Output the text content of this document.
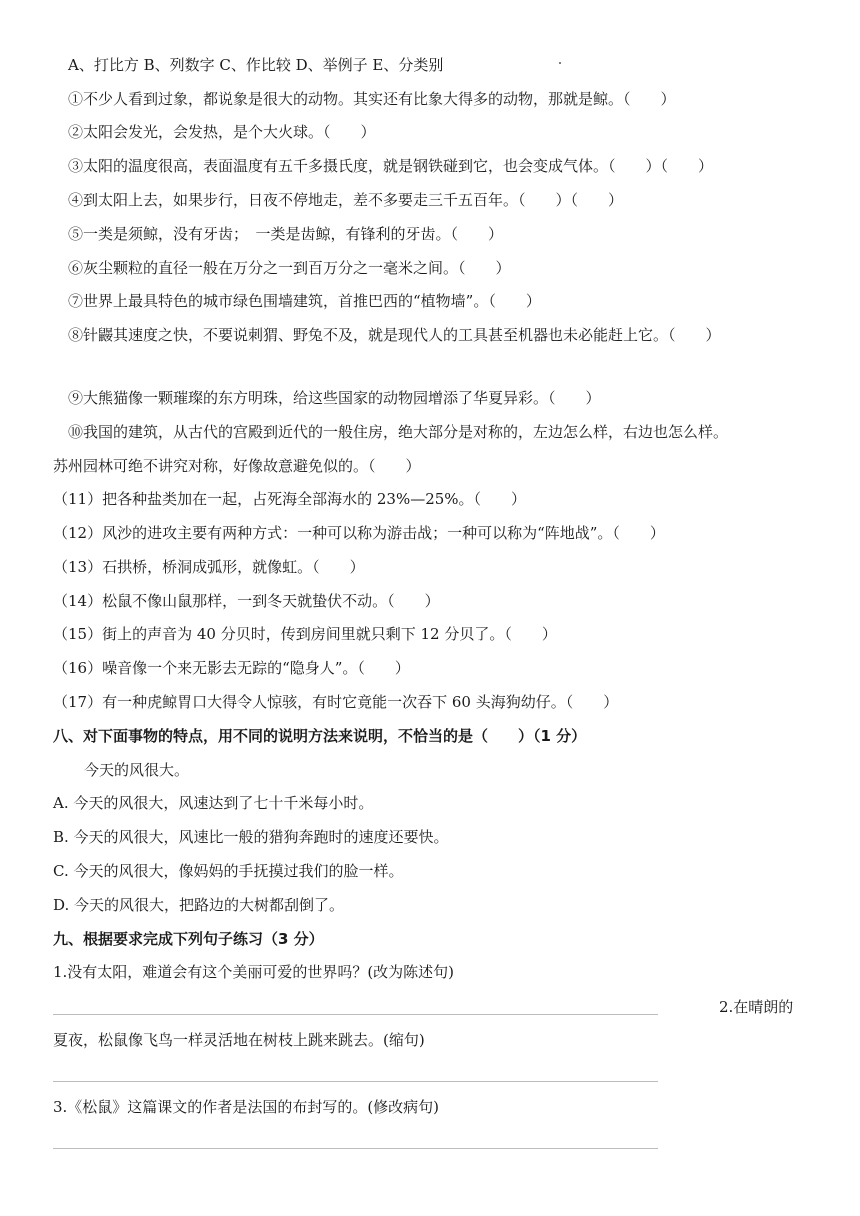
A、打比方 B、列数字 C、作比较 D、举例子 E、分类别
①不少人看到过象，都说象是很大的动物。其实还有比象大得多的动物，那就是鲸。（　　）
②太阳会发光，会发热，是个大火球。（　　）
③太阳的温度很高，表面温度有五千多摄氏度，就是钢铁碰到它，也会变成气体。（　　）（　　）
④到太阳上去，如果步行，日夜不停地走，差不多要走三千五百年。（　　）（　　）
⑤一类是须鲸，没有牙齿；　一类是齿鲸，有锋利的牙齿。（　　）
⑥灰尘颗粒的直径一般在万分之一到百万分之一毫米之间。（　　）
⑦世界上最具特色的城市绿色围墙建筑，首推巴西的“植物墙”。（　　）
⑧针鼹其速度之快，不要说刺猬、野兔不及，就是现代人的工具甚至机器也未必能赶上它。（　　）
⑨大熊猫像一颗璀璨的东方明珠，给这些国家的动物园增添了华夏异彩。（　　）
⑩我国的建筑，从古代的宫殿到近代的一般住房，绝大部分是对称的，左边怎么样，右边也怎么样。
苏州园林可绝不讲究对称，好像故意避免似的。（　　）
（11）把各种盐类加在一起，占死海全部海水的 23%—25%。（　　）
（12）风沙的进攻主要有两种方式：一种可以称为游击战；一种可以称为“阵地战”。（　　）
（13）石拱桥，桥洞成弧形，就像虹。（　　）
（14）松鼠不像山鼠那样，一到冬天就蛰伏不动。（　　）
（15）街上的声音为 40 分贝时，传到房间里就只剩下 12 分贝了。（　　）
（16）噪音像一个来无影去无踪的“隐身人”。（　　）
（17）有一种虎鲸胃口大得令人惊骇，有时它竟能一次吞下 60 头海狗幼仔。（　　）
八、对下面事物的特点，用不同的说明方法来说明，不恰当的是（　　）（1 分）
今天的风很大。
A. 今天的风很大，风速达到了七十千米每小时。
B. 今天的风很大，风速比一般的猎狗奔跑时的速度还要快。
C. 今天的风很大，像妈妈的手抚摸过我们的脸一样。
D. 今天的风很大，把路边的大树都刮倒了。
九、根据要求完成下列句子练习（3 分）
1.没有太阳，难道会有这个美丽可爱的世界吗？(改为陈述句)
2.在晴朗的
夏夜，松鼠像飞鸟一样灵活地在树枝上跳来跳去。(缩句)
3.《松鼠》这篇课文的作者是法国的布封写的。(修改病句)
